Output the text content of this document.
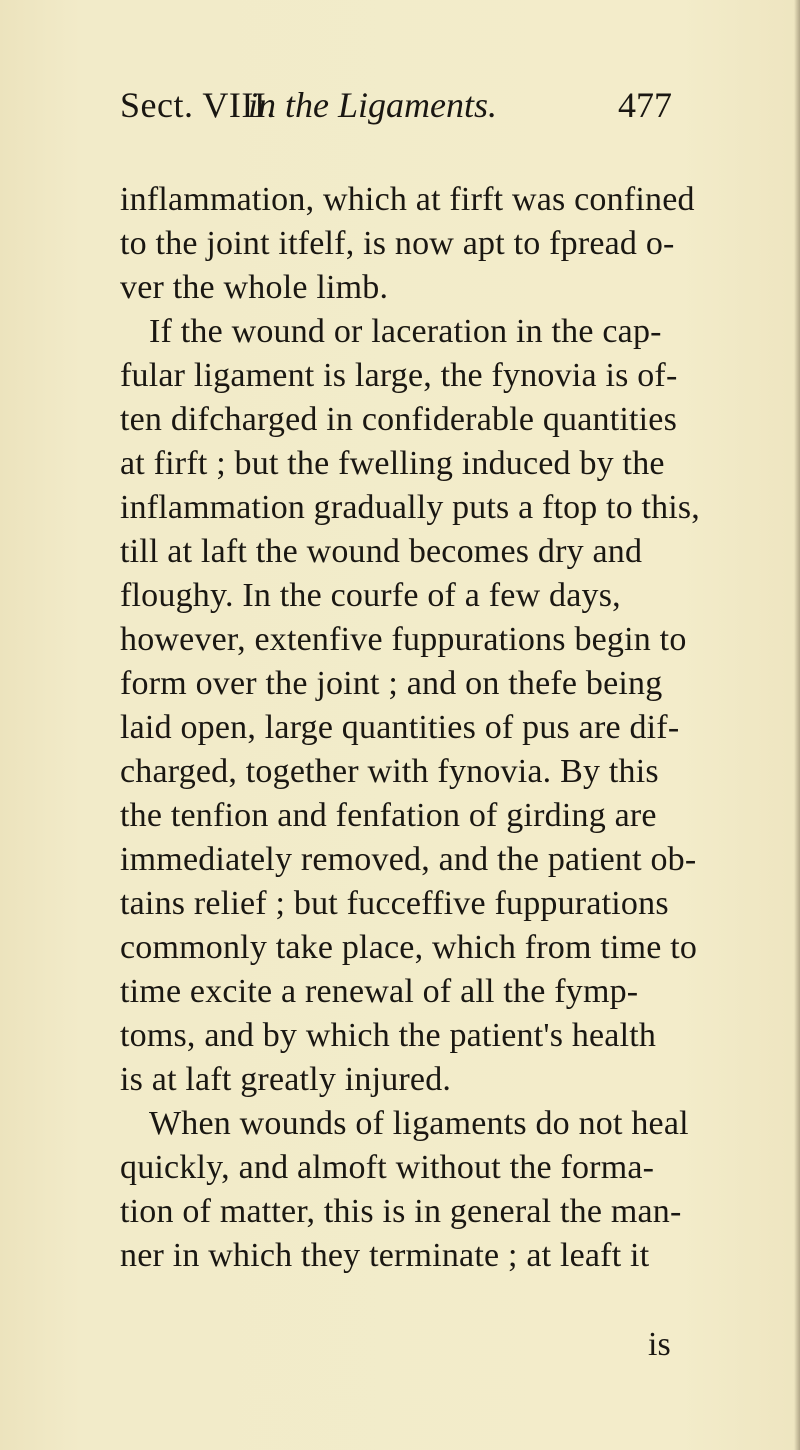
Sect. VIII.
in the Ligaments.	477
inflammation, which at firft was confined
to the joint itfelf, is now apt to fpread o-
ver the whole limb.
If the wound or laceration in the cap-
fular ligament is large, the fynovia is of-
ten difcharged in confiderable quantities
at firft ; but the fwelling induced by the
inflammation gradually puts a ftop to this,
till at laft the wound becomes dry and
floughy. In the courfe of a few days,
however, extenfive fuppurations begin to
form over the joint ; and on thefe being
laid open, large quantities of pus are dif-
charged, together with fynovia. By this
the tenfion and fenfation of girding are
immediately removed, and the patient ob-
tains relief ; but fucceffive fuppurations
commonly take place, which from time to
time excite a renewal of all the fymp-
toms, and by which the patient's health
is at laft greatly injured.
When wounds of ligaments do not heal
quickly, and almoft without the forma-
tion of matter, this is in general the man-
ner in which they terminate ; at leaft it
is
